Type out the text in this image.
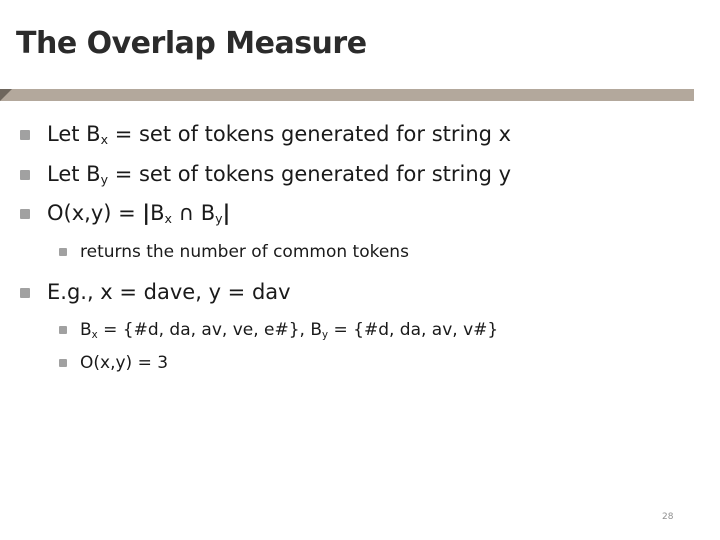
The Overlap Measure
Let $B_x$ = set of tokens generated for string x
Let $B_y$ = set of tokens generated for string y
$O(x,y) = |B_x$ ∩ $B_y|$
returns the number of common tokens
E.g., x = dave, y = dav
$B_x$ = {#d, da, av, ve, e#}, $B_y$ = {#d, da, av, v#}
O(x,y) = 3
28
